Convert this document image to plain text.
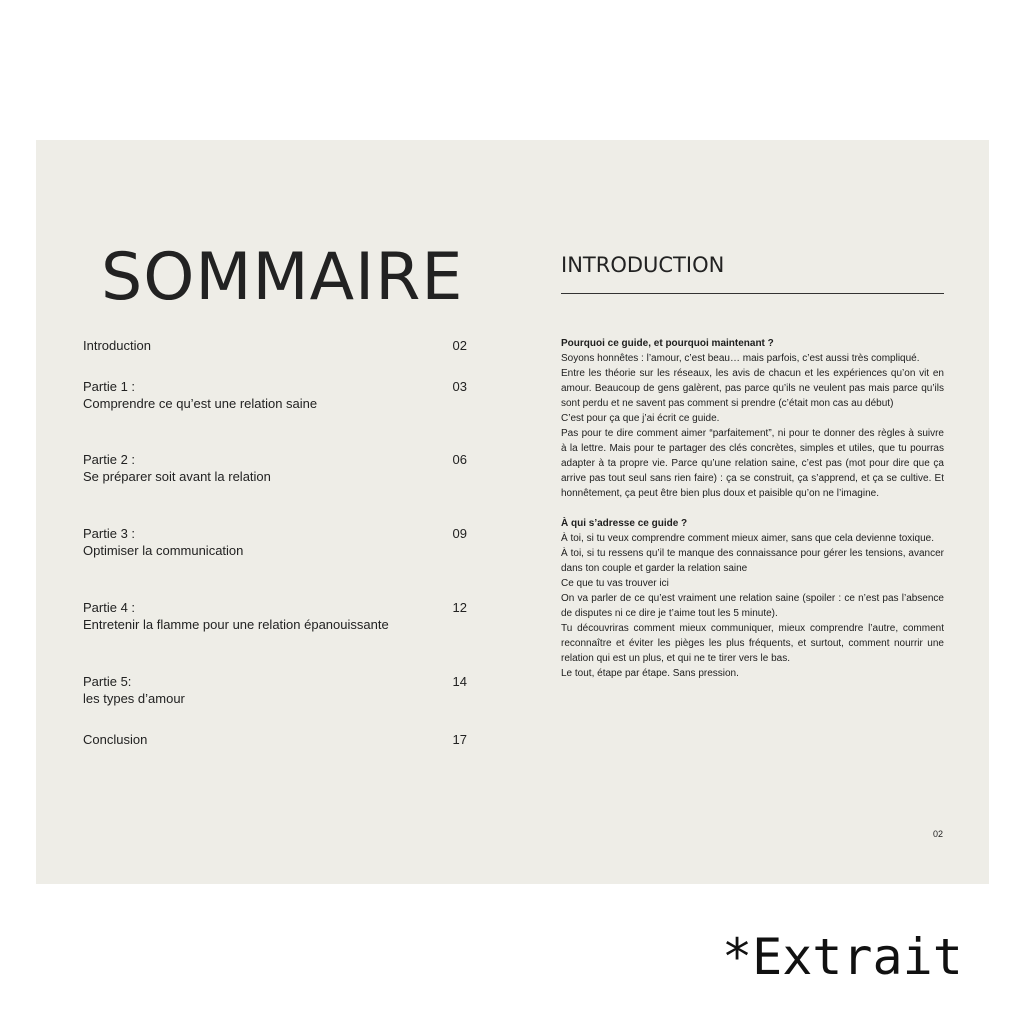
SOMMAIRE
Introduction	02
Partie 1 :
Comprendre ce qu’est une relation saine
03
Partie 2 :
Se préparer soit avant la relation
06
Partie 3 :
Optimiser la communication
09
Partie 4 :
Entretenir la flamme pour une relation épanouissante
12
Partie 5:
les types d’amour
14
Conclusion	17
INTRODUCTION

Pourquoi ce guide, et pourquoi maintenant ?

Soyons honnêtes : l’amour, c’est beau… mais parfois, c’est aussi très compliqué.

Entre les théorie sur les réseaux, les avis de chacun et les expériences qu’on vit en amour. Beaucoup de gens galèrent, pas parce qu’ils ne veulent pas mais parce qu’ils sont perdu et ne savent pas comment si prendre (c’était mon cas au début)

C’est pour ça que j’ai écrit ce guide.

Pas pour te dire comment aimer “parfaitement”, ni pour te donner des règles à suivre à la lettre. Mais pour te partager des clés concrètes, simples et utiles, que tu pourras adapter à ta propre vie. Parce qu’une relation saine, c’est pas (mot pour dire que ça arrive pas tout seul sans rien faire) : ça se construit, ça s’apprend, et ça se cultive. Et honnêtement, ça peut être bien plus doux et paisible qu’on ne l’imagine.

À qui s’adresse ce guide ?

À toi, si tu veux comprendre comment mieux aimer, sans que cela devienne toxique.

À toi, si tu ressens qu’il te manque des connaissance pour gérer les tensions, avancer dans ton couple et garder la relation saine

Ce que tu vas trouver ici

On va parler de ce qu’est vraiment une relation saine (spoiler : ce n’est pas l’absence de disputes ni ce dire je t’aime tout les 5 minute).

Tu découvriras comment mieux communiquer, mieux comprendre l’autre, comment reconnaître et éviter les pièges les plus fréquents, et surtout, comment nourrir une relation qui est un plus, et qui ne te tirer vers le bas.

Le tout, étape par étape. Sans pression.

02

*Extrait
